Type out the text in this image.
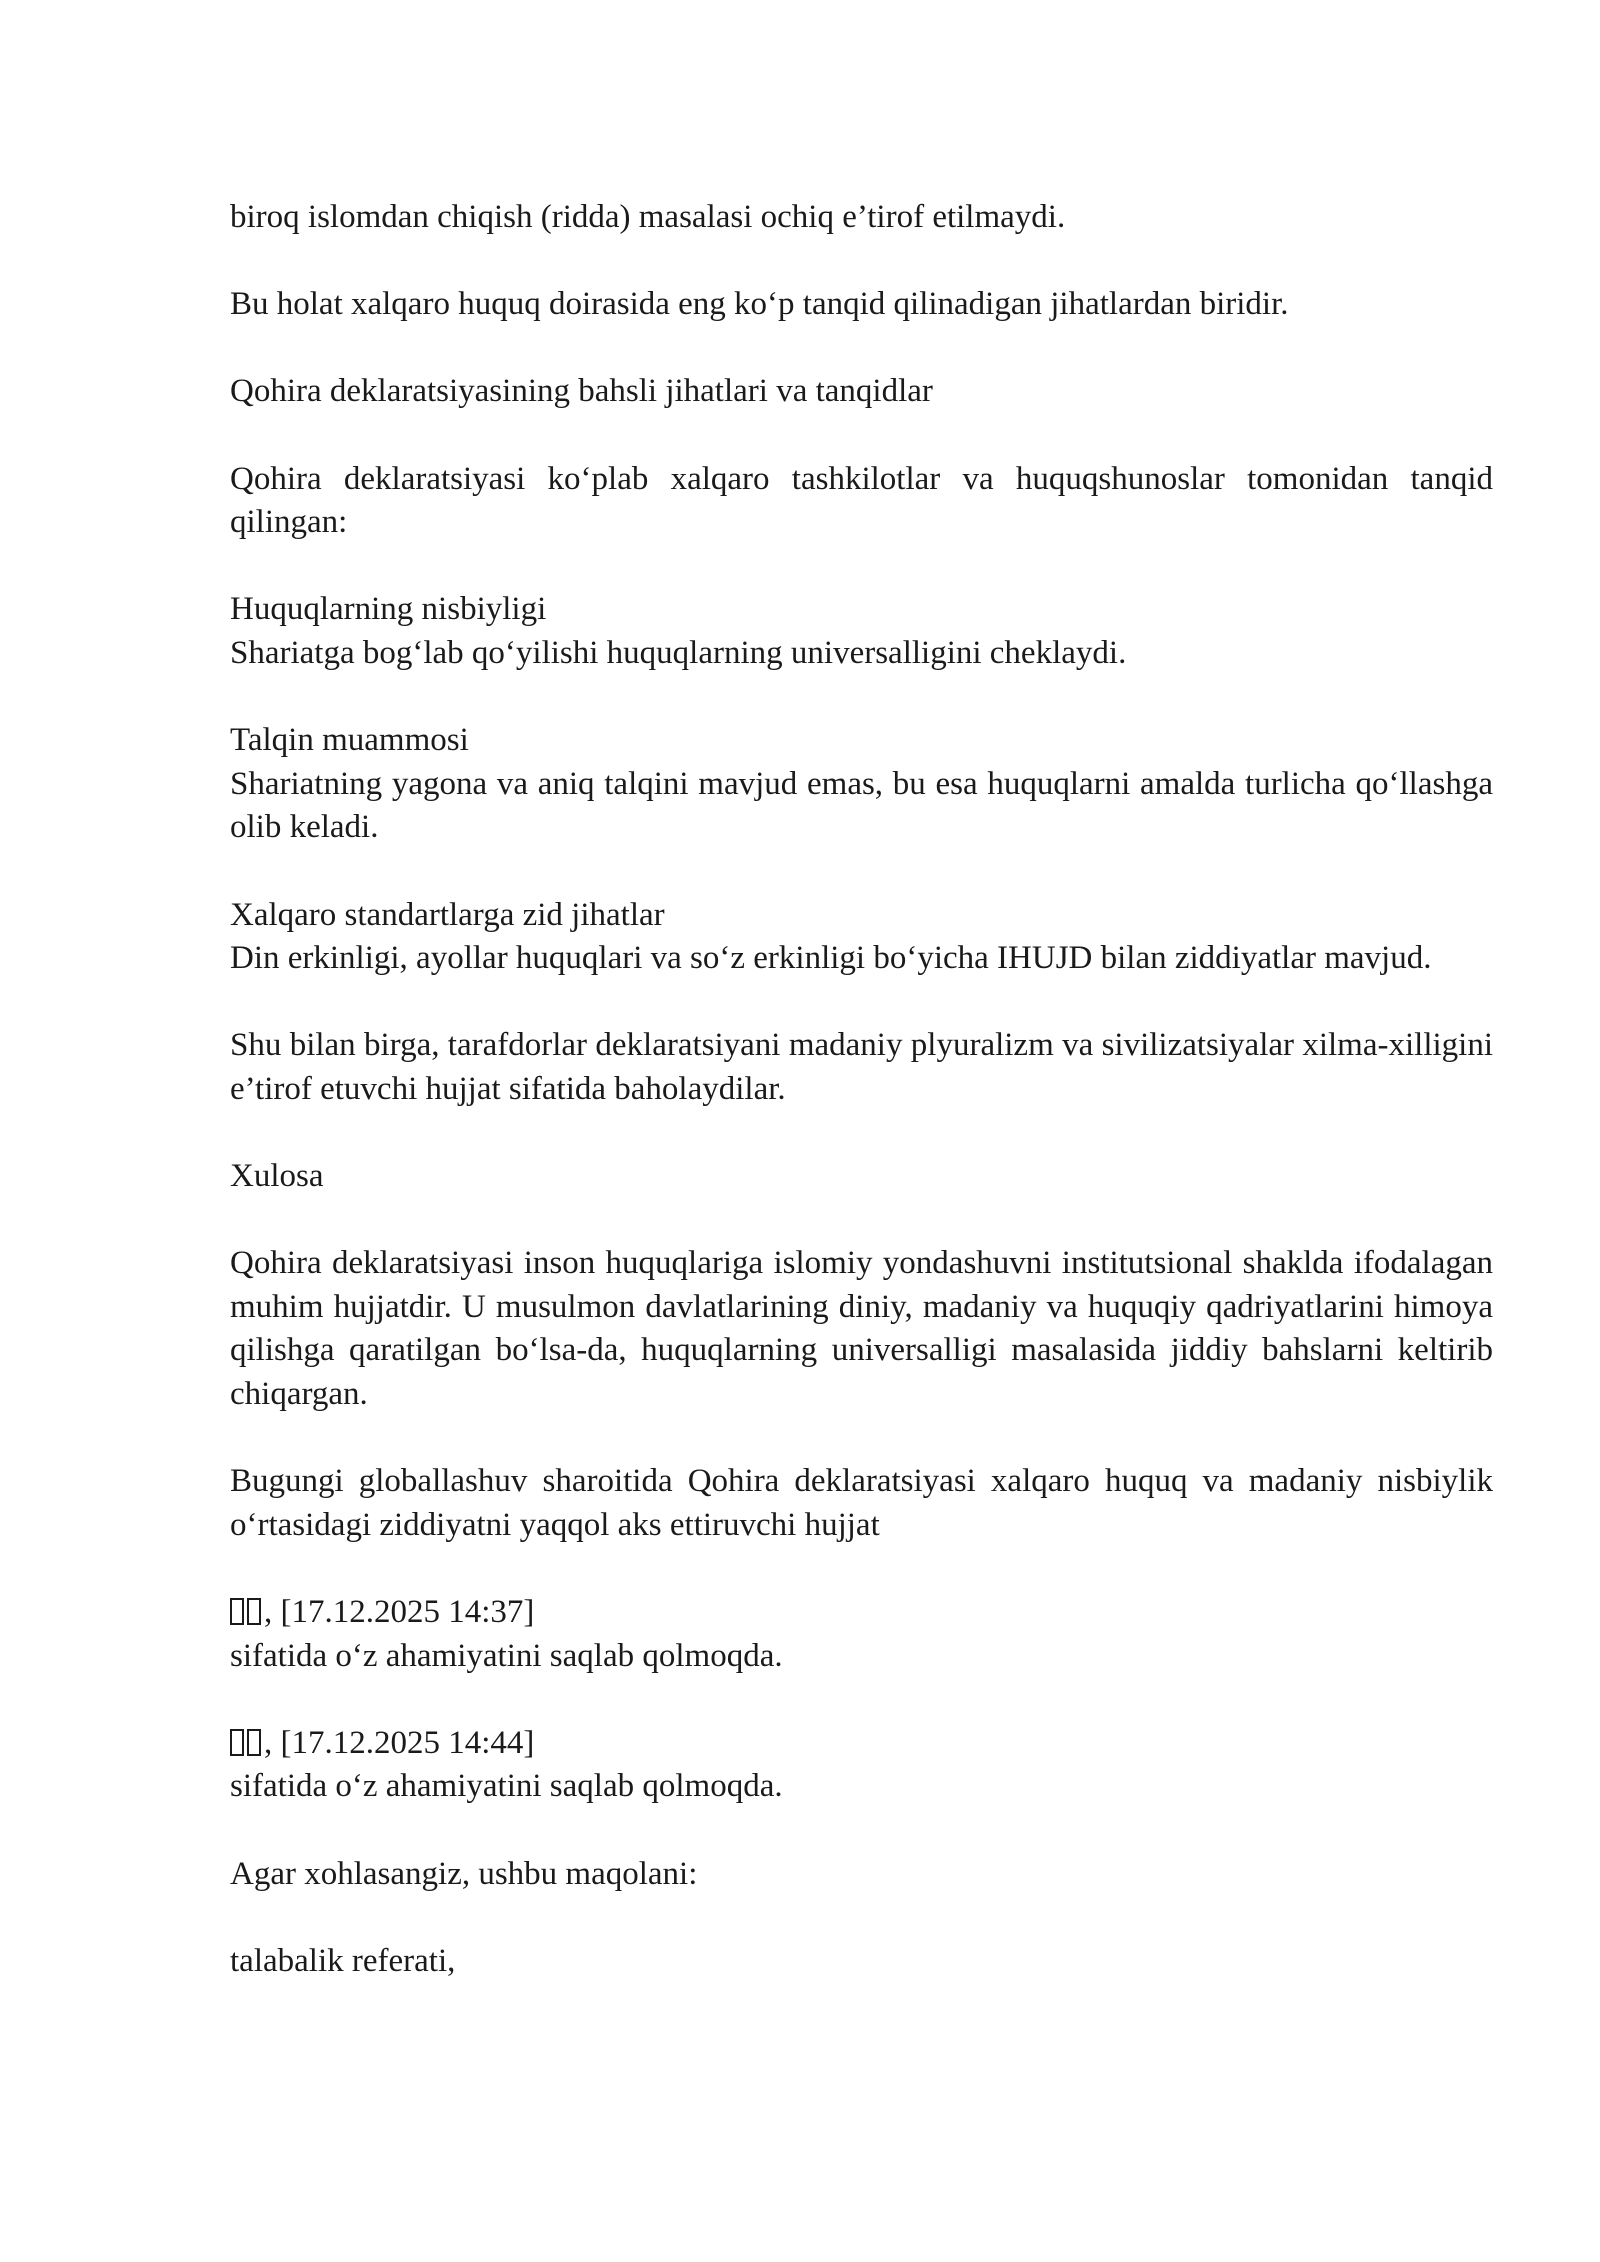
biroq islomdan chiqish (ridda) masalasi ochiq e’tirof etilmaydi.

Bu holat xalqaro huquq doirasida eng ko‘p tanqid qilinadigan jihatlardan biridir.

Qohira deklaratsiyasining bahsli jihatlari va tanqidlar

Qohira deklaratsiyasi ko‘plab xalqaro tashkilotlar va huquqshunoslar tomonidan tanqid qilingan:

Huquqlarning nisbiyligi
Shariatga bog‘lab qo‘yilishi huquqlarning universalligini cheklaydi.

Talqin muammosi
Shariatning yagona va aniq talqini mavjud emas, bu esa huquqlarni amalda turlicha qo‘llashga olib keladi.

Xalqaro standartlarga zid jihatlar
Din erkinligi, ayollar huquqlari va so‘z erkinligi bo‘yicha IHUJD bilan ziddiyatlar mavjud.

Shu bilan birga, tarafdorlar deklaratsiyani madaniy plyuralizm va sivilizatsiyalar xilma-xilligini e’tirof etuvchi hujjat sifatida baholaydilar.

Xulosa

Qohira deklaratsiyasi inson huquqlariga islomiy yondashuvni institutsional shaklda ifodalagan muhim hujjatdir. U musulmon davlatlarining diniy, madaniy va huquqiy qadriyatlarini himoya qilishga qaratilgan bo‘lsa-da, huquqlarning universalligi masalasida jiddiy bahslarni keltirib chiqargan.

Bugungi globallashuv sharoitida Qohira deklaratsiyasi xalqaro huquq va madaniy nisbiylik o‘rtasidagi ziddiyatni yaqqol aks ettiruvchi hujjat

, [17.12.2025 14:37]
sifatida o‘z ahamiyatini saqlab qolmoqda.

, [17.12.2025 14:44]
sifatida o‘z ahamiyatini saqlab qolmoqda.

Agar xohlasangiz, ushbu maqolani:

talabalik referati,
